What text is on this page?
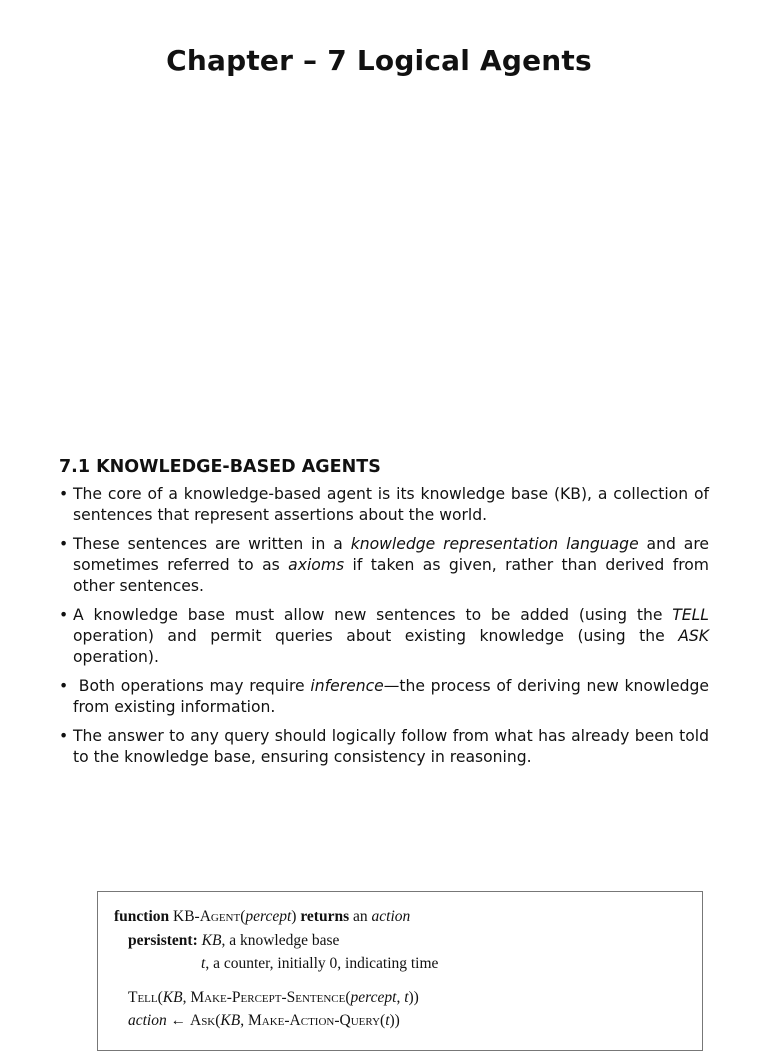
Chapter – 7 Logical Agents
7.1 KNOWLEDGE-BASED AGENTS
• The core of a knowledge-based agent is its knowledge base (KB), a collection of sentences that represent assertions about the world.
• These sentences are written in a knowledge representation language and are sometimes referred to as axioms if taken as given, rather than derived from other sentences.
• A knowledge base must allow new sentences to be added (using the TELL operation) and permit queries about existing knowledge (using the ASK operation).
• Both operations may require inference—the process of deriving new knowledge from existing information.
• The answer to any query should logically follow from what has already been told to the knowledge base, ensuring consistency in reasoning.
function KB-Agent(percept) returns an action
persistent: KB, a knowledge base
t, a counter, initially 0, indicating time
Tell(KB, Make-Percept-Sentence(percept, t))
action ← Ask(KB, Make-Action-Query(t))
